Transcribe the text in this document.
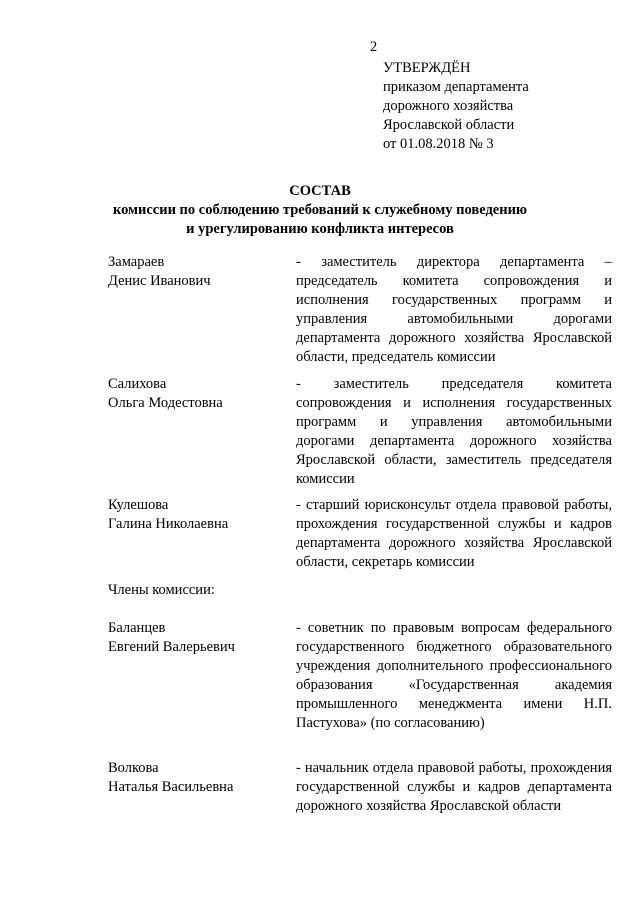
2
УТВЕРЖДЁН
приказом департамента
дорожного хозяйства
Ярославской области
от 01.08.2018 № 3
СОСТАВ
комиссии по соблюдению требований к служебному поведению
и урегулированию конфликта интересов
Замараев
Денис Иванович
- заместитель директора департамента – председатель комитета сопровождения и исполнения государственных программ и управления автомобильными дорогами департамента дорожного хозяйства Ярославской области, председатель комиссии
Салихова
Ольга Модестовна
- заместитель председателя комитета сопровождения и исполнения государственных программ и управления автомобильными дорогами департамента дорожного хозяйства Ярославской области, заместитель председателя комиссии
Кулешова
Галина Николаевна
- старший юрисконсульт отдела правовой работы, прохождения государственной службы и кадров департамента дорожного хозяйства Ярославской области, секретарь комиссии
Члены комиссии:
Баланцев
Евгений Валерьевич
- советник по правовым вопросам федерального государственного бюджетного образовательного учреждения дополнительного профессионального образования «Государственная академия промышленного менеджмента имени Н.П. Пастухова» (по согласованию)
Волкова
Наталья Васильевна
- начальник отдела правовой работы, прохождения государственной службы и кадров департамента дорожного хозяйства Ярославской области
